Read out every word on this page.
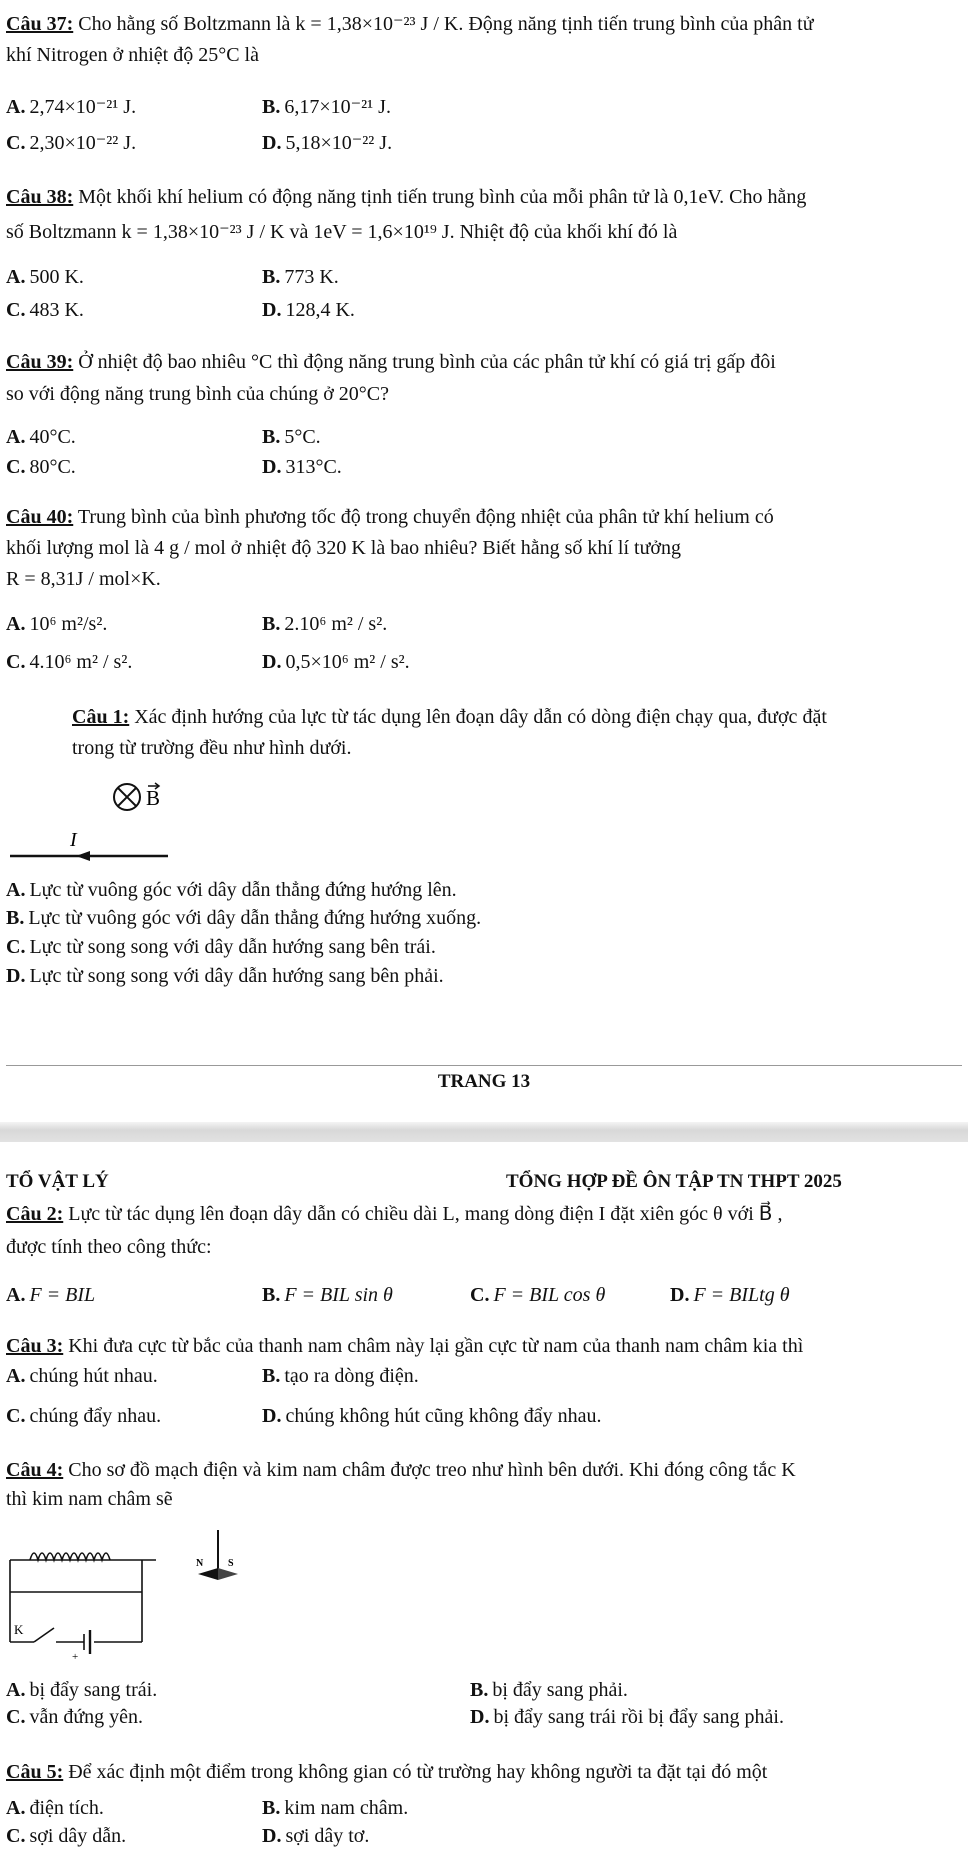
Câu 37: Cho hằng số Boltzmann là k = 1,38×10⁻²³ J / K. Động năng tịnh tiến trung bình của phân tử
khí Nitrogen ở nhiệt độ 25°C là
A. 2,74×10⁻²¹ J.	B. 6,17×10⁻²¹ J.
C. 2,30×10⁻²² J.	D. 5,18×10⁻²² J.
Câu 38: Một khối khí helium có động năng tịnh tiến trung bình của mỗi phân tử là 0,1eV. Cho hằng
số Boltzmann k = 1,38×10⁻²³ J / K và 1eV = 1,6×10¹⁹ J. Nhiệt độ của khối khí đó là
A. 500 K.	B. 773 K.
C. 483 K.	D. 128,4 K.
Câu 39: Ở nhiệt độ bao nhiêu °C thì động năng trung bình của các phân tử khí có giá trị gấp đôi
so với động năng trung bình của chúng ở 20°C?
A. 40°C.	B. 5°C.
C. 80°C.	D. 313°C.
Câu 40: Trung bình của bình phương tốc độ trong chuyển động nhiệt của phân tử khí helium có
khối lượng mol là 4 g / mol ở nhiệt độ 320 K là bao nhiêu? Biết hằng số khí lí tưởng
R = 8,31J / mol×K.
A. 10⁶ m²/s².	B. 2.10⁶ m² / s².
C. 4.10⁶ m² / s².	D. 0,5×10⁶ m² / s².
Câu 1: Xác định hướng của lực từ tác dụng lên đoạn dây dẫn có dòng điện chạy qua, được đặt
trong từ trường đều như hình dưới.
B
I
A. Lực từ vuông góc với dây dẫn thẳng đứng hướng lên.
B. Lực từ vuông góc với dây dẫn thẳng đứng hướng xuống.
C. Lực từ song song với dây dẫn hướng sang bên trái.
D. Lực từ song song với dây dẫn hướng sang bên phải.
TRANG 13
TỔ VẬT LÝ	TỔNG HỢP ĐỀ ÔN TẬP TN THPT 2025
Câu 2: Lực từ tác dụng lên đoạn dây dẫn có chiều dài L, mang dòng điện I đặt xiên góc θ với B⃗ ,
được tính theo công thức:
A. F = BIL	B. F = BIL sin θ	C. F = BIL cos θ	D. F = BILtg θ
Câu 3: Khi đưa cực từ bắc của thanh nam châm này lại gần cực từ nam của thanh nam châm kia thì
A. chúng hút nhau.	B. tạo ra dòng điện.
C. chúng đẩy nhau.	D. chúng không hút cũng không đẩy nhau.
Câu 4: Cho sơ đồ mạch điện và kim nam châm được treo như hình bên dưới. Khi đóng công tắc K
thì kim nam châm sẽ
K
+
N S
A. bị đẩy sang trái.	B. bị đẩy sang phải.
C. vẫn đứng yên.	D. bị đẩy sang trái rồi bị đẩy sang phải.
Câu 5: Để xác định một điểm trong không gian có từ trường hay không người ta đặt tại đó một
A. điện tích.	B. kim nam châm.
C. sợi dây dẫn.	D. sợi dây tơ.
